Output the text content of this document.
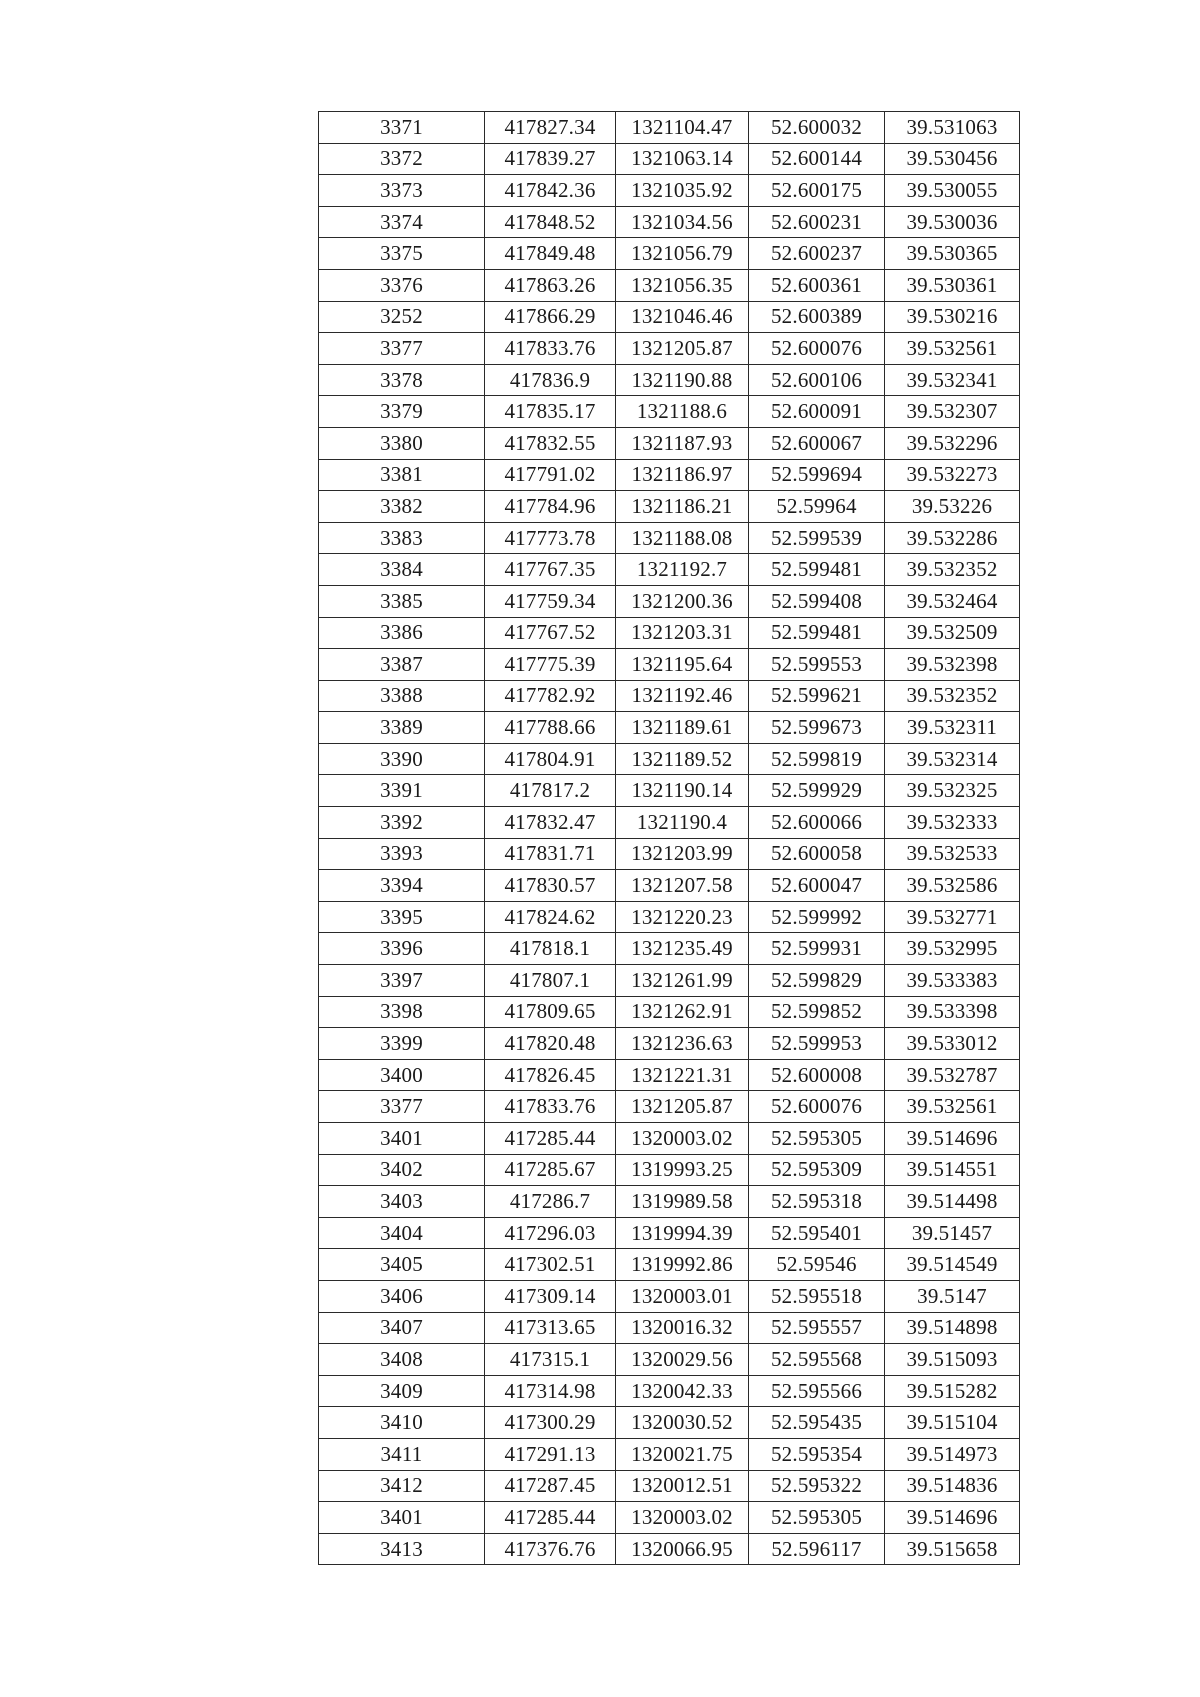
3371	417827.34	1321104.47	52.600032	39.531063
3372	417839.27	1321063.14	52.600144	39.530456
3373	417842.36	1321035.92	52.600175	39.530055
3374	417848.52	1321034.56	52.600231	39.530036
3375	417849.48	1321056.79	52.600237	39.530365
3376	417863.26	1321056.35	52.600361	39.530361
3252	417866.29	1321046.46	52.600389	39.530216
3377	417833.76	1321205.87	52.600076	39.532561
3378	417836.9	1321190.88	52.600106	39.532341
3379	417835.17	1321188.6	52.600091	39.532307
3380	417832.55	1321187.93	52.600067	39.532296
3381	417791.02	1321186.97	52.599694	39.532273
3382	417784.96	1321186.21	52.59964	39.53226
3383	417773.78	1321188.08	52.599539	39.532286
3384	417767.35	1321192.7	52.599481	39.532352
3385	417759.34	1321200.36	52.599408	39.532464
3386	417767.52	1321203.31	52.599481	39.532509
3387	417775.39	1321195.64	52.599553	39.532398
3388	417782.92	1321192.46	52.599621	39.532352
3389	417788.66	1321189.61	52.599673	39.532311
3390	417804.91	1321189.52	52.599819	39.532314
3391	417817.2	1321190.14	52.599929	39.532325
3392	417832.47	1321190.4	52.600066	39.532333
3393	417831.71	1321203.99	52.600058	39.532533
3394	417830.57	1321207.58	52.600047	39.532586
3395	417824.62	1321220.23	52.599992	39.532771
3396	417818.1	1321235.49	52.599931	39.532995
3397	417807.1	1321261.99	52.599829	39.533383
3398	417809.65	1321262.91	52.599852	39.533398
3399	417820.48	1321236.63	52.599953	39.533012
3400	417826.45	1321221.31	52.600008	39.532787
3377	417833.76	1321205.87	52.600076	39.532561
3401	417285.44	1320003.02	52.595305	39.514696
3402	417285.67	1319993.25	52.595309	39.514551
3403	417286.7	1319989.58	52.595318	39.514498
3404	417296.03	1319994.39	52.595401	39.51457
3405	417302.51	1319992.86	52.59546	39.514549
3406	417309.14	1320003.01	52.595518	39.5147
3407	417313.65	1320016.32	52.595557	39.514898
3408	417315.1	1320029.56	52.595568	39.515093
3409	417314.98	1320042.33	52.595566	39.515282
3410	417300.29	1320030.52	52.595435	39.515104
3411	417291.13	1320021.75	52.595354	39.514973
3412	417287.45	1320012.51	52.595322	39.514836
3401	417285.44	1320003.02	52.595305	39.514696
3413	417376.76	1320066.95	52.596117	39.515658
